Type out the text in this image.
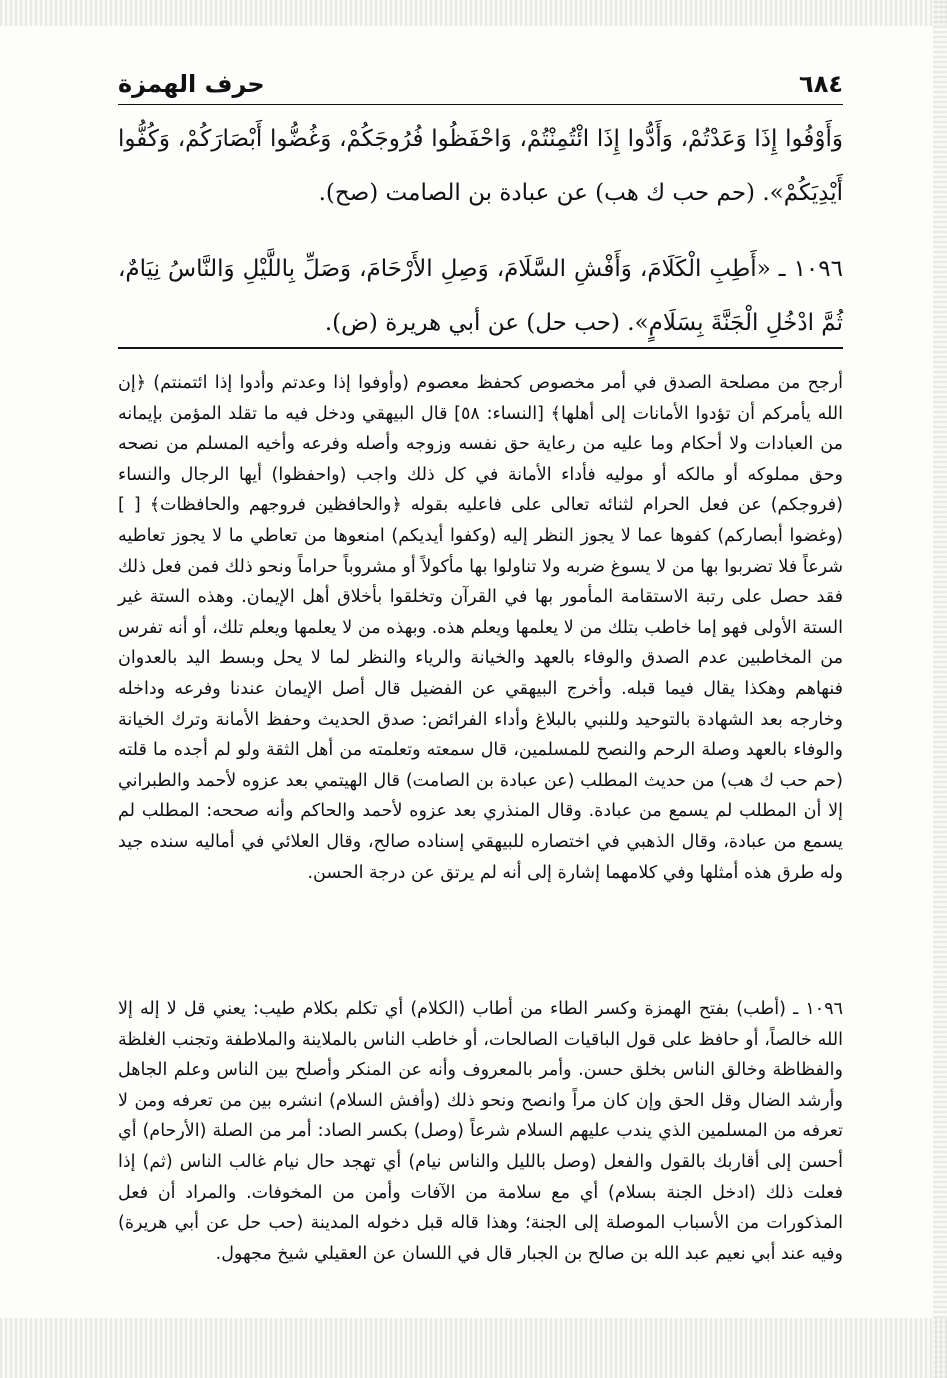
٦٨٤
حرف الهمزة

وَأَوْفُوا إِذَا وَعَدْتُمْ، وَأَدُّوا إِذَا ائْتُمِنْتُمْ، وَاحْفَظُوا فُرُوجَكُمْ، وَغُضُّوا أَبْصَارَكُمْ، وَكُفُّوا أَيْدِيَكُمْ». (حم حب ك هب) عن عبادة بن الصامت (صح).

١٠٩٦ ـ «أَطِبِ الْكَلَامَ، وَأَفْشِ السَّلَامَ، وَصِلِ الأَرْحَامَ، وَصَلِّ بِاللَّيْلِ وَالنَّاسُ نِيَامٌ، ثُمَّ ادْخُلِ الْجَنَّةَ بِسَلَامٍ». (حب حل) عن أبي هريرة (ض).

أرجح من مصلحة الصدق في أمر مخصوص كحفظ معصوم (وأوفوا إذا وعدتم وأدوا إذا ائتمنتم) ﴿إن الله يأمركم أن تؤدوا الأمانات إلى أهلها﴾ [النساء: ٥٨] قال البيهقي ودخل فيه ما تقلد المؤمن بإيمانه من العبادات ولا أحكام وما عليه من رعاية حق نفسه وزوجه وأصله وفرعه وأخيه المسلم من نصحه وحق مملوكه أو مالكه أو موليه فأداء الأمانة في كل ذلك واجب (واحفظوا) أيها الرجال والنساء (فروجكم) عن فعل الحرام لثنائه تعالى على فاعليه بقوله ﴿والحافظين فروجهم والحافظات﴾ [ ] (وغضوا أبصاركم) كفوها عما لا يجوز النظر إليه (وكفوا أيديكم) امنعوها من تعاطي ما لا يجوز تعاطيه شرعاً فلا تضربوا بها من لا يسوغ ضربه ولا تناولوا بها مأكولاً أو مشروباً حراماً ونحو ذلك فمن فعل ذلك فقد حصل على رتبة الاستقامة المأمور بها في القرآن وتخلقوا بأخلاق أهل الإيمان. وهذه الستة غير الستة الأولى فهو إما خاطب بتلك من لا يعلمها ويعلم هذه. وبهذه من لا يعلمها ويعلم تلك، أو أنه تفرس من المخاطبين عدم الصدق والوفاء بالعهد والخيانة والرياء والنظر لما لا يحل وبسط اليد بالعدوان فنهاهم وهكذا يقال فيما قبله. وأخرج البيهقي عن الفضيل قال أصل الإيمان عندنا وفرعه وداخله وخارجه بعد الشهادة بالتوحيد وللنبي بالبلاغ وأداء الفرائض: صدق الحديث وحفظ الأمانة وترك الخيانة والوفاء بالعهد وصلة الرحم والنصح للمسلمين، قال سمعته وتعلمته من أهل الثقة ولو لم أجده ما قلته (حم حب ك هب) من حديث المطلب (عن عبادة بن الصامت) قال الهيتمي بعد عزوه لأحمد والطبراني إلا أن المطلب لم يسمع من عبادة. وقال المنذري بعد عزوه لأحمد والحاكم وأنه صححه: المطلب لم يسمع من عبادة، وقال الذهبي في اختصاره للبيهقي إسناده صالح، وقال العلائي في أماليه سنده جيد وله طرق هذه أمثلها وفي كلامهما إشارة إلى أنه لم يرتق عن درجة الحسن.

١٠٩٦ ـ (أطب) بفتح الهمزة وكسر الطاء من أطاب (الكلام) أي تكلم بكلام طيب: يعني قل لا إله إلا الله خالصاً، أو حافظ على قول الباقيات الصالحات، أو خاطب الناس بالملاينة والملاطفة وتجنب الغلظة والفظاظة وخالق الناس بخلق حسن. وأمر بالمعروف وأنه عن المنكر وأصلح بين الناس وعلم الجاهل وأرشد الضال وقل الحق وإن كان مراً وانصح ونحو ذلك (وأفش السلام) انشره بين من تعرفه ومن لا تعرفه من المسلمين الذي يندب عليهم السلام شرعاً (وصل) بكسر الصاد: أمر من الصلة (الأرحام) أي أحسن إلى أقاربك بالقول والفعل (وصل بالليل والناس نيام) أي تهجد حال نيام غالب الناس (ثم) إذا فعلت ذلك (ادخل الجنة بسلام) أي مع سلامة من الآفات وأمن من المخوفات. والمراد أن فعل المذكورات من الأسباب الموصلة إلى الجنة؛ وهذا قاله قبل دخوله المدينة (حب حل عن أبي هريرة) وفيه عند أبي نعيم عبد الله بن صالح بن الجبار قال في اللسان عن العقيلي شيخ مجهول.
